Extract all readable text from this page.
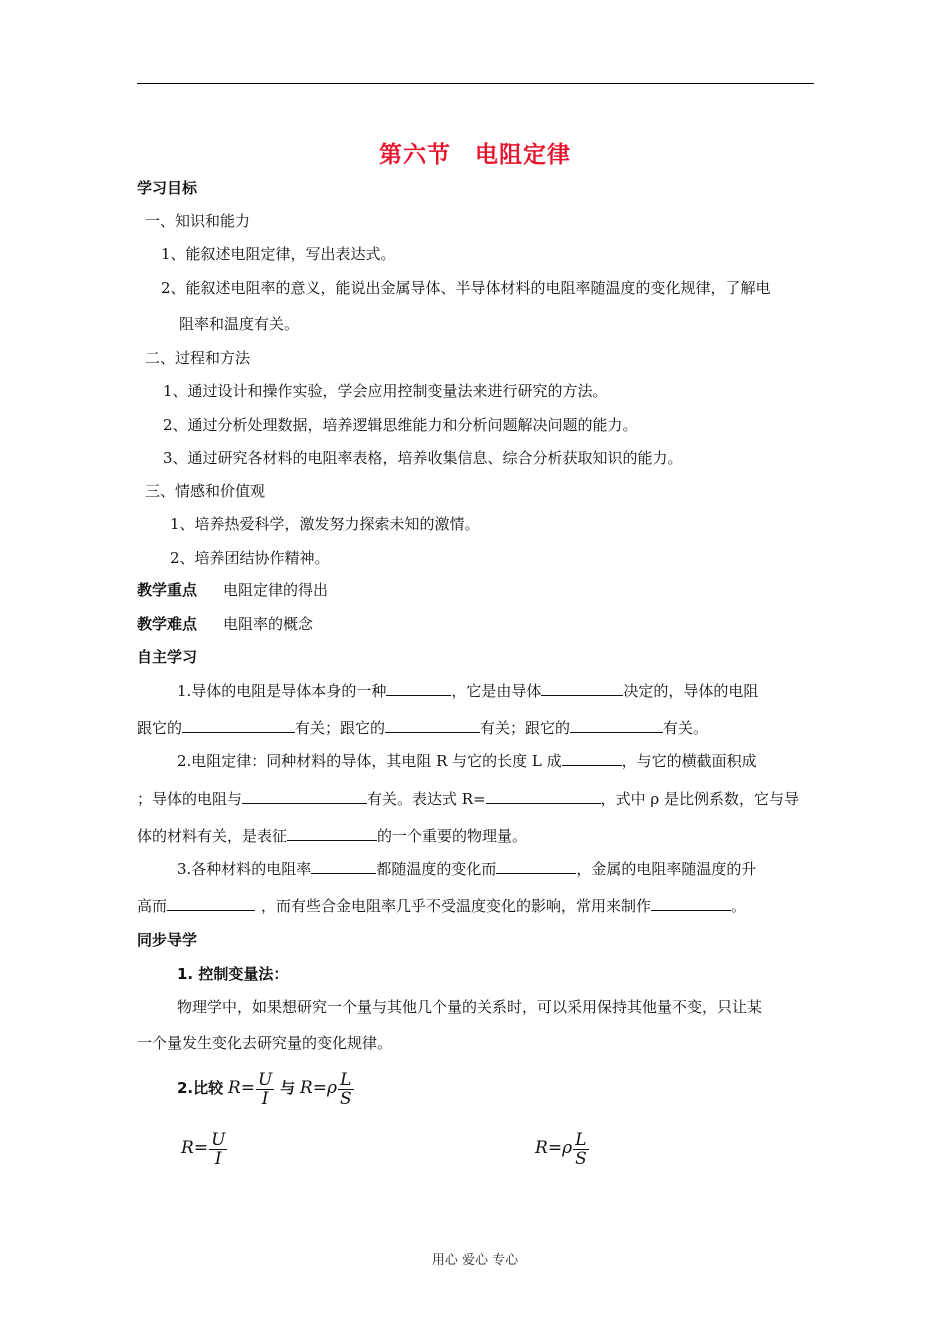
第六节　电阻定律
学习目标
一、知识和能力
1、能叙述电阻定律，写出表达式。
2、能叙述电阻率的意义，能说出金属导体、半导体材料的电阻率随温度的变化规律，了解电
阻率和温度有关。
二、过程和方法
1、通过设计和操作实验，学会应用控制变量法来进行研究的方法。
2、通过分析处理数据，培养逻辑思维能力和分析问题解决问题的能力。
3、通过研究各材料的电阻率表格，培养收集信息、综合分析获取知识的能力。
三、情感和价值观
1、培养热爱科学，激发努力探索未知的激情。
2、培养团结协作精神。
教学重点 电阻定律的得出
教学难点 电阻率的概念
自主学习
1.导体的电阻是导体本身的一种	，它是由导体	决定的，导体的电阻
跟它的	有关；跟它的	有关；跟它的	有关。
2.电阻定律：同种材料的导体，其电阻 R 与它的长度 L 成	，与它的横截面积成
；导体的电阻与	有关。表达式 R=	，式中 ρ 是比例系数，它与导
体的材料有关，是表征	的一个重要的物理量。
3.各种材料的电阻率	都随温度的变化而	，金属的电阻率随温度的升
高而	，而有些合金电阻率几乎不受温度变化的影响，常用来制作	。
同步导学
1. 控制变量法：
物理学中，如果想研究一个量与其他几个量的关系时，可以采用保持其他量不变，只让某
一个量发生变化去研究量的变化规律。
2.比较 $R= \frac{U}{I}$ 与 $R=\rho \frac{L}{S}$
$R= \frac{U}{I}$	$R=\rho \frac{L}{S}$
用心 爱心 专心
